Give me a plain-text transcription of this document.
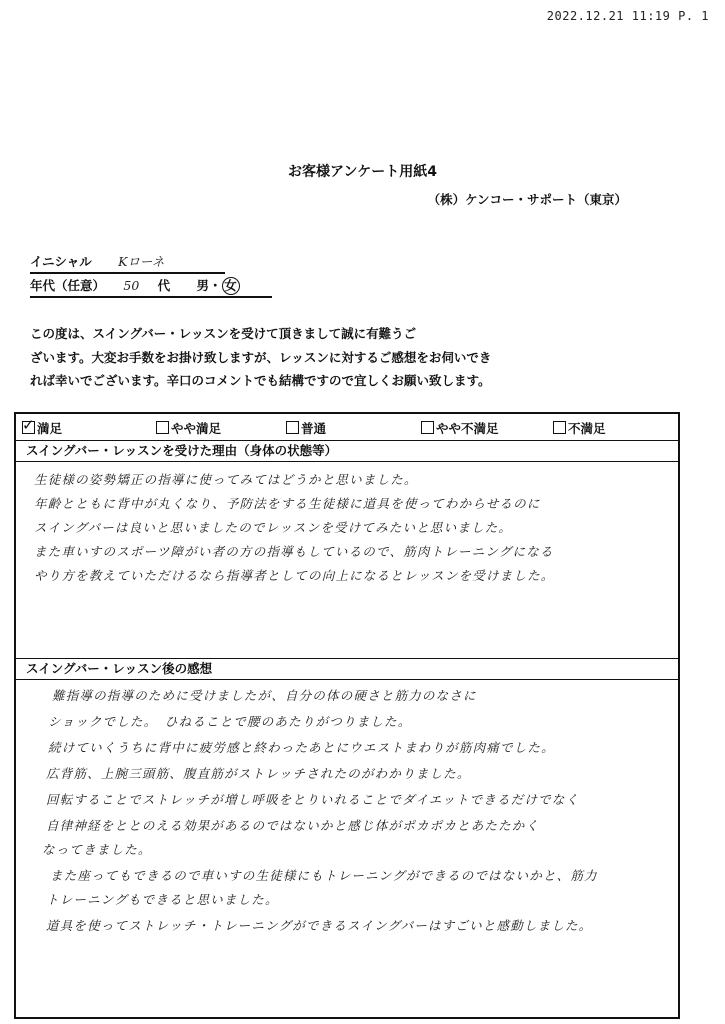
2022.12.21 11:19 P. 1
お客様アンケート用紙4
（株）ケンコー・サポート（東京）
イニシャル Kローネ
年代（任意） 50 代 男・ 女
この度は、スイングバー・レッスンを受けて頂きまして誠に有難うご
ざいます。大変お手数をお掛け致しますが、レッスンに対するご感想をお伺いでき
れば幸いでございます。辛口のコメントでも結構ですので宜しくお願い致します。
✓満足	やや満足	普通	やや不満足	不満足
スイングバー・レッスンを受けた理由（身体の状態等）
生徒様の姿勢矯正の指導に使ってみてはどうかと思いました。
年齢とともに背中が丸くなり、予防法をする生徒様に道具を使ってわからせるのに
スイングバーは良いと思いましたのでレッスンを受けてみたいと思いました。
また車いすのスポーツ障がい者の方の指導もしているので、筋肉トレーニングになる
やり方を教えていただけるなら指導者としての向上になるとレッスンを受けました。
スイングバー・レッスン後の感想
難指導の指導のために受けましたが、自分の体の硬さと筋力のなさに
ショックでした。　ひねることで腰のあたりがつりました。
続けていくうちに背中に疲労感と終わったあとにウエストまわりが筋肉痛でした。
広背筋、上腕三頭筋、腹直筋がストレッチされたのがわかりました。
回転することでストレッチが増し呼吸をとりいれることでダイエットできるだけでなく
自律神経をととのえる効果があるのではないかと感じ体がポカポカとあたたかく
なってきました。
また座ってもできるので車いすの生徒様にもトレーニングができるのではないかと、筋力
トレーニングもできると思いました。
道具を使ってストレッチ・トレーニングができるスイングバーはすごいと感動しました。
